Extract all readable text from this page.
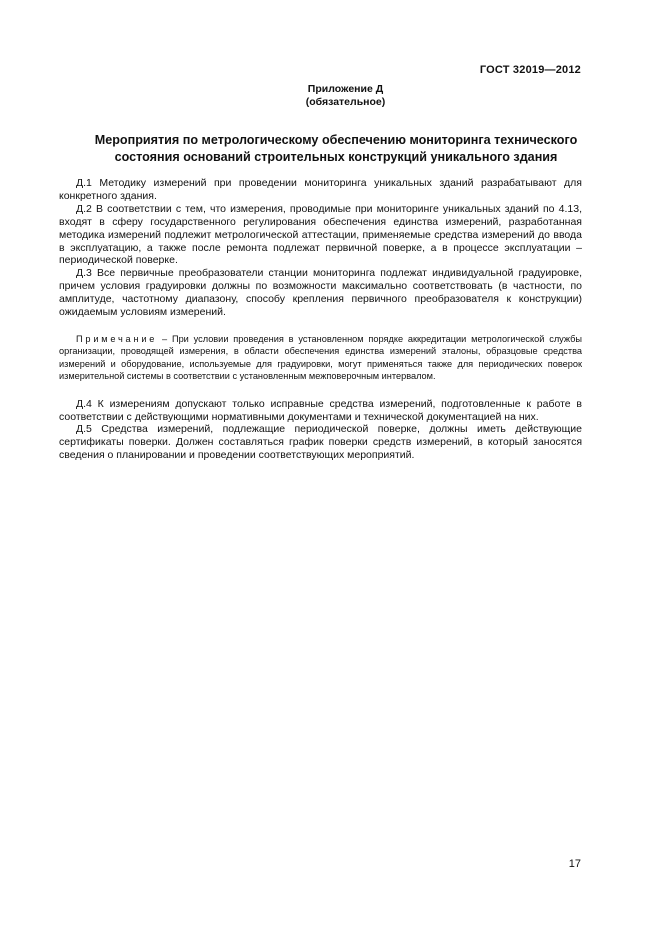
ГОСТ 32019—2012
Приложение Д
(обязательное)
Мероприятия по метрологическому обеспечению мониторинга технического
состояния оснований строительных конструкций уникального здания

Д.1 Методику измерений при проведении мониторинга уникальных зданий разрабатывают для конкретного здания.

Д.2 В соответствии с тем, что измерения, проводимые при мониторинге уникальных зданий по 4.13, входят в сферу государственного регулирования обеспечения единства измерений, разработанная методика измерений подлежит метрологической аттестации, применяемые средства измерений до ввода в эксплуатацию, а также после ремонта подлежат первичной поверке, а в процессе эксплуатации – периодической поверке.

Д.3 Все первичные преобразователи станции мониторинга подлежат индивидуальной градуировке, причем условия градуировки должны по возможности максимально соответствовать (в частности, по амплитуде, частотному диапазону, способу крепления первичного преобразователя к конструкции) ожидаемым условиям измерений.

Примечание – При условии проведения в установленном порядке аккредитации метрологической службы организации, проводящей измерения, в области обеспечения единства измерений эталоны, образцовые средства измерений и оборудование, используемые для градуировки, могут применяться также для периодических поверок измерительной системы в соответствии с установленным межповерочным интервалом.

Д.4 К измерениям допускают только исправные средства измерений, подготовленные к работе в соответствии с действующими нормативными документами и технической документацией на них.

Д.5 Средства измерений, подлежащие периодической поверке, должны иметь действующие сертификаты поверки. Должен составляться график поверки средств измерений, в который заносятся сведения о планировании и проведении соответствующих мероприятий.

17
